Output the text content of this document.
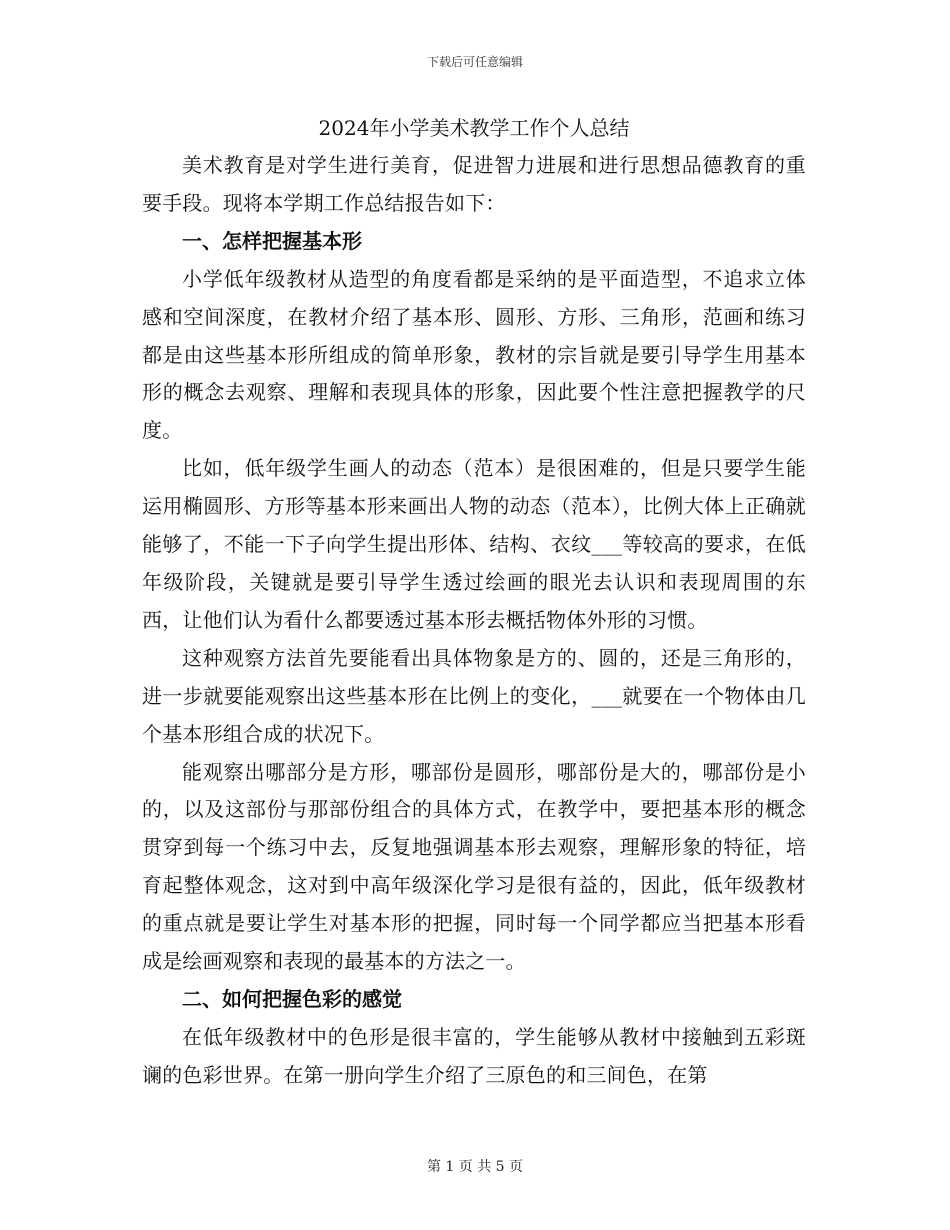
下载后可任意编辑
2024年小学美术教学工作个人总结

美术教育是对学生进行美育，促进智力进展和进行思想品德教育的重要手段。现将本学期工作总结报告如下：

一、怎样把握基本形

小学低年级教材从造型的角度看都是采纳的是平面造型，不追求立体感和空间深度，在教材介绍了基本形、圆形、方形、三角形，范画和练习都是由这些基本形所组成的简单形象，教材的宗旨就是要引导学生用基本形的概念去观察、理解和表现具体的形象，因此要个性注意把握教学的尺度。

比如，低年级学生画人的动态（范本）是很困难的，但是只要学生能运用椭圆形、方形等基本形来画出人物的动态（范本），比例大体上正确就能够了，不能一下子向学生提出形体、结构、衣纹___等较高的要求，在低年级阶段，关键就是要引导学生透过绘画的眼光去认识和表现周围的东西，让他们认为看什么都要透过基本形去概括物体外形的习惯。

这种观察方法首先要能看出具体物象是方的、圆的，还是三角形的，进一步就要能观察出这些基本形在比例上的变化，___就要在一个物体由几个基本形组合成的状况下。

能观察出哪部分是方形，哪部份是圆形，哪部份是大的，哪部份是小的，以及这部份与那部份组合的具体方式，在教学中，要把基本形的概念贯穿到每一个练习中去，反复地强调基本形去观察，理解形象的特征，培育起整体观念，这对到中高年级深化学习是很有益的，因此，低年级教材的重点就是要让学生对基本形的把握，同时每一个同学都应当把基本形看成是绘画观察和表现的最基本的方法之一。

二、如何把握色彩的感觉

在低年级教材中的色形是很丰富的，学生能够从教材中接触到五彩斑谰的色彩世界。在第一册向学生介绍了三原色的和三间色，在第

第 1 页 共 5 页
